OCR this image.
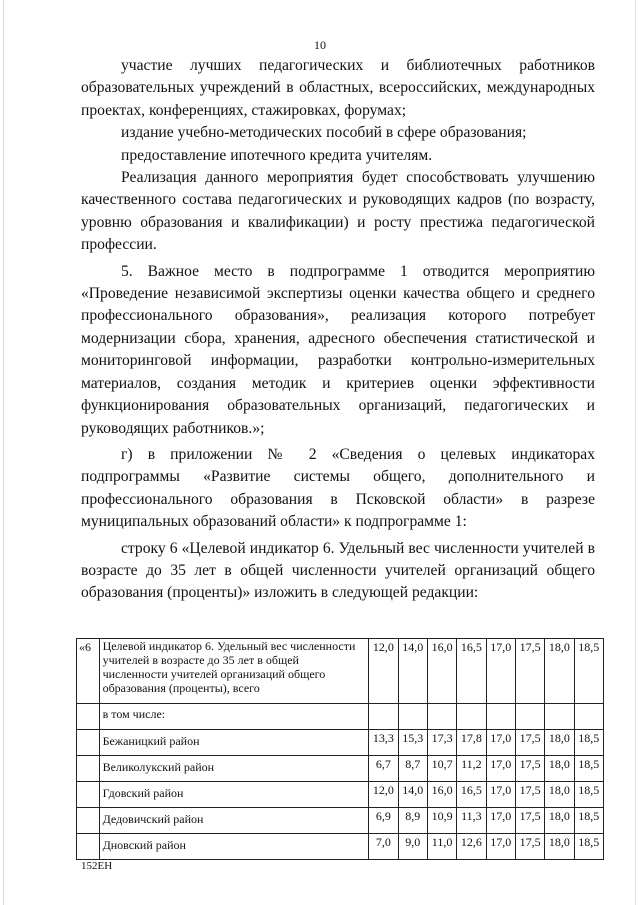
10

участие лучших педагогических и библиотечных работников образовательных учреждений в областных, всероссийских, международных проектах, конференциях, стажировках, форумах;

издание учебно-методических пособий в сфере образования;

предоставление ипотечного кредита учителям.

Реализация данного мероприятия будет способствовать улучшению качественного состава педагогических и руководящих кадров (по возрасту, уровню образования и квалификации) и росту престижа педагогической профессии.

5. Важное место в подпрограмме 1 отводится мероприятию «Проведение независимой экспертизы оценки качества общего и среднего профессионального образования», реализация которого потребует модернизации сбора, хранения, адресного обеспечения статистической и мониторинговой информации, разработки контрольно-измерительных материалов, создания методик и критериев оценки эффективности функционирования образовательных организаций, педагогических и руководящих работников.»;

г) в приложении № 2 «Сведения о целевых индикаторах подпрограммы «Развитие системы общего, дополнительного и профессионального образования в Псковской области» в разрезе муниципальных образований области» к подпрограмме 1:

строку 6 «Целевой индикатор 6. Удельный вес численности учителей в возрасте до 35 лет в общей численности учителей организаций общего образования (проценты)» изложить в следующей редакции:

«6	Целевой индикатор 6. Удельный вес численности учителей в возрасте до 35 лет в общей численности учителей организаций общего образования (проценты), всего	12,0	14,0	16,0	16,5	17,0	17,5	18,0	18,5
	в том числе:								
	Бежаницкий район	13,3	15,3	17,3	17,8	17,0	17,5	18,0	18,5
	Великолукский район	6,7	8,7	10,7	11,2	17,0	17,5	18,0	18,5
	Гдовский район	12,0	14,0	16,0	16,5	17,0	17,5	18,0	18,5
	Дедовичский район	6,9	8,9	10,9	11,3	17,0	17,5	18,0	18,5
	Дновский район	7,0	9,0	11,0	12,6	17,0	17,5	18,0	18,5
152ЕН
